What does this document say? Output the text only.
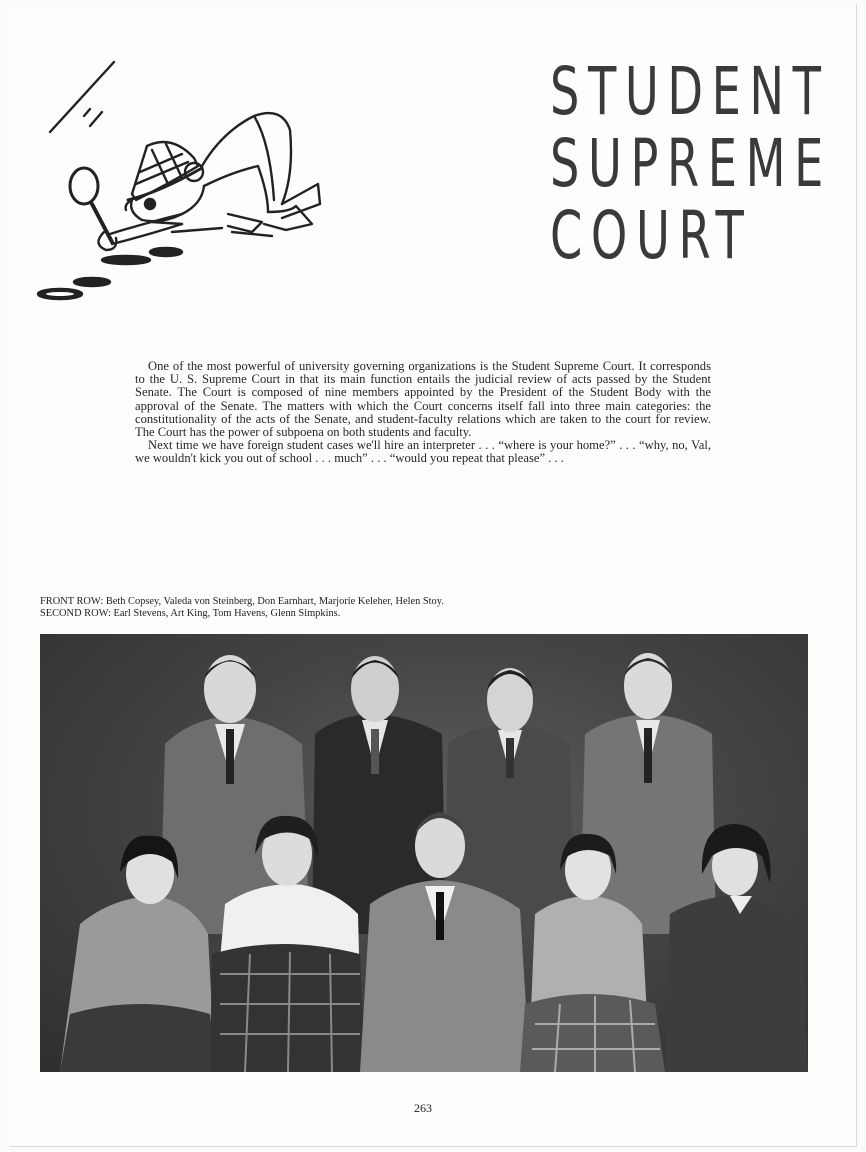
STUDENT
SUPREME
COURT

One of the most powerful of university governing organizations is the Student Supreme Court. It corresponds to the U. S. Supreme Court in that its main function entails the judicial review of acts passed by the Student Senate. The Court is composed of nine members appointed by the President of the Student Body with the approval of the Senate. The matters with which the Court concerns itself fall into three main categories: the constitutionality of the acts of the Senate, and student-faculty relations which are taken to the court for review. The Court has the power of subpoena on both students and faculty.

Next time we have foreign student cases we'll hire an interpreter . . . “where is your home?” . . . “why, no, Val, we wouldn't kick you out of school . . . much” . . . “would you repeat that please” . . .

FRONT ROW: Beth Copsey, Valeda von Steinberg, Don Earnhart, Marjorie Keleher, Helen Stoy.
SECOND ROW: Earl Stevens, Art King, Tom Havens, Glenn Simpkins.
263
